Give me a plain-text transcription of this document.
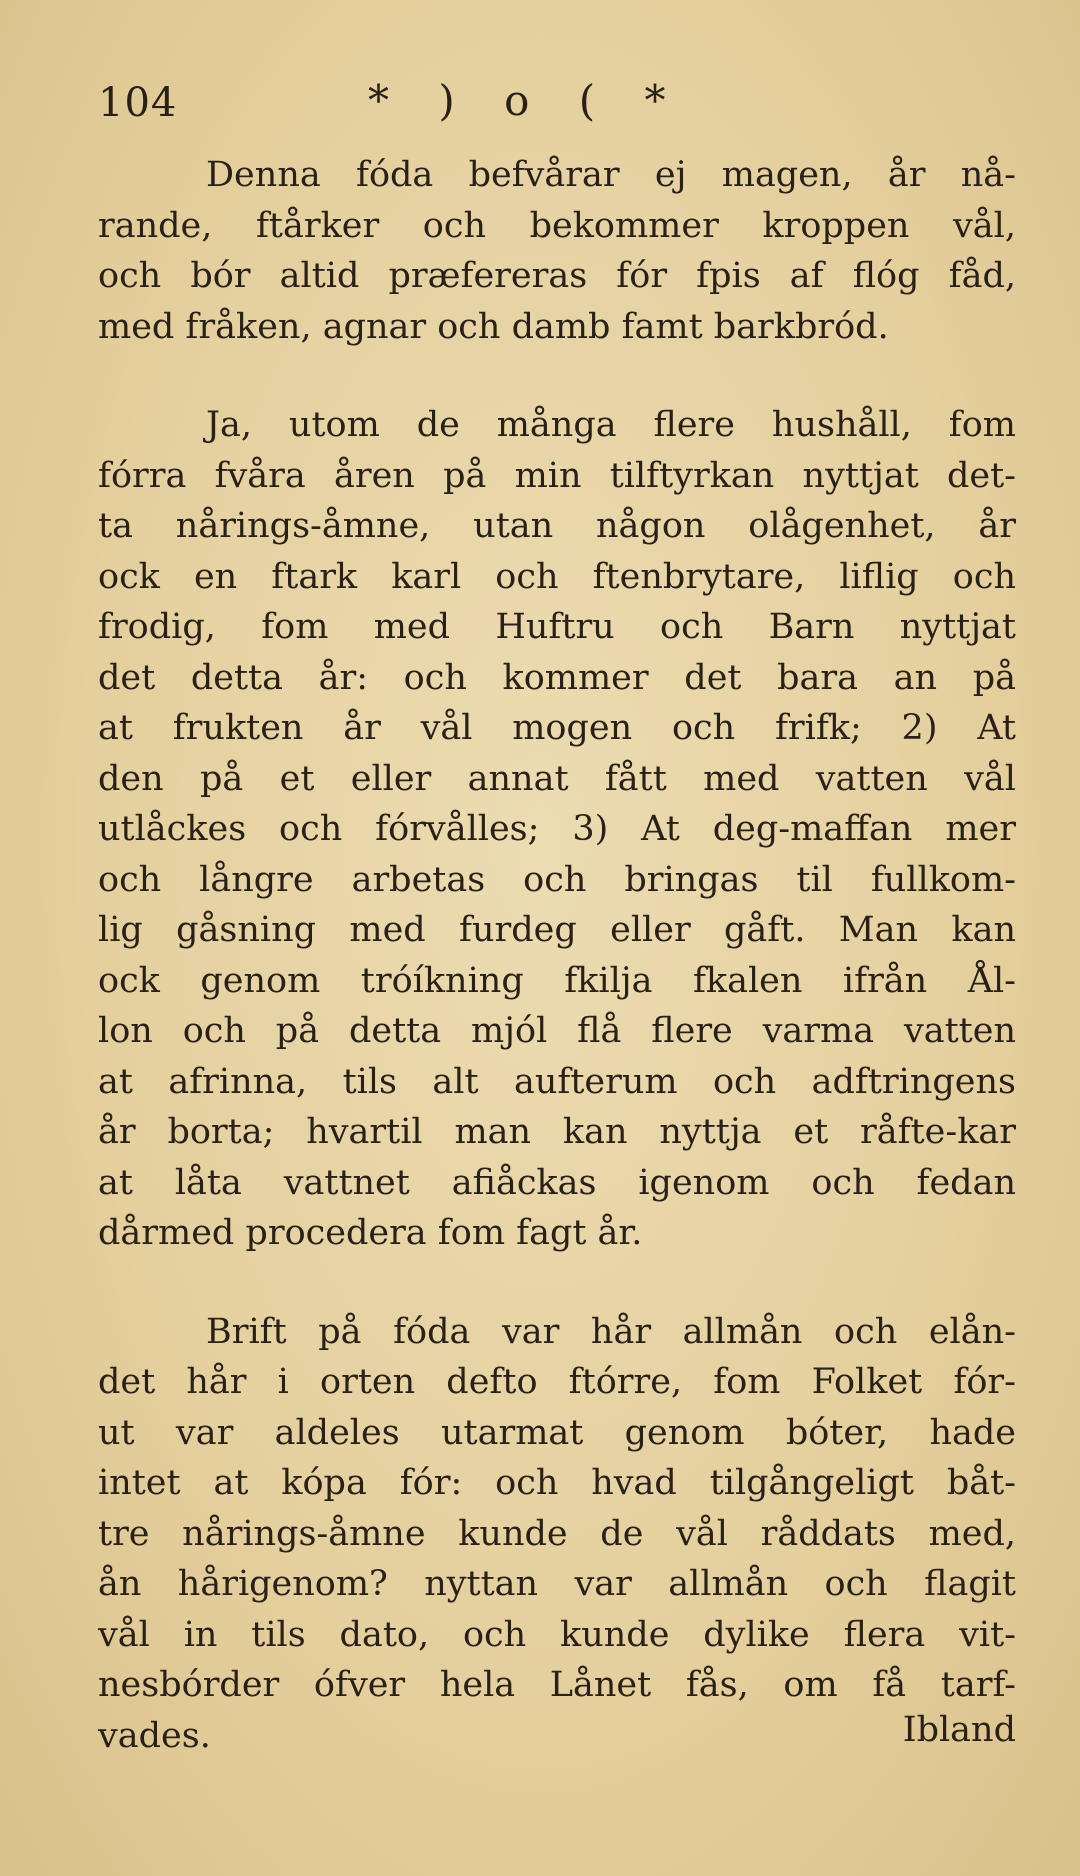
104	* ) o ( *

Denna fóda befvårar ej magen, år nå-
rande, ftårker och bekommer kroppen vål,
och bór altid præfereras fór fpis af flóg fåd,
med fråken, agnar och damb famt barkbród.

Ja, utom de många flere hushåll, fom
fórra fvåra åren på min tilftyrkan nyttjat det-
ta nårings-åmne, utan någon olågenhet, år
ock en ftark karl och ftenbrytare, liflig och
frodig, fom med Huftru och Barn nyttjat
det detta år: och kommer det bara an på
at frukten år vål mogen och frifk; 2) At
den på et eller annat fått med vatten vål
utlåckes och fórvålles; 3) At deg-maffan mer
och långre arbetas och bringas til fullkom-
lig gåsning med furdeg eller gåft. Man kan
ock genom tróíkning fkilja fkalen ifrån Ål-
lon och på detta mjól flå flere varma vatten
at afrinna, tils alt aufterum och adftringens
år borta; hvartil man kan nyttja et råfte-kar
at låta vattnet afiåckas igenom och fedan
dårmed procedera fom fagt år.

Brift på fóda var hår allmån och elån-
det hår i orten defto ftórre, fom Folket fór-
ut var aldeles utarmat genom bóter, hade
intet at kópa fór: och hvad tilgångeligt båt-
tre nårings-åmne kunde de vål råddats med,
ån hårigenom? nyttan var allmån och flagit
vål in tils dato, och kunde dylike flera vit-
nesbórder ófver hela Lånet fås, om få tarf-
vades.	Ibland
